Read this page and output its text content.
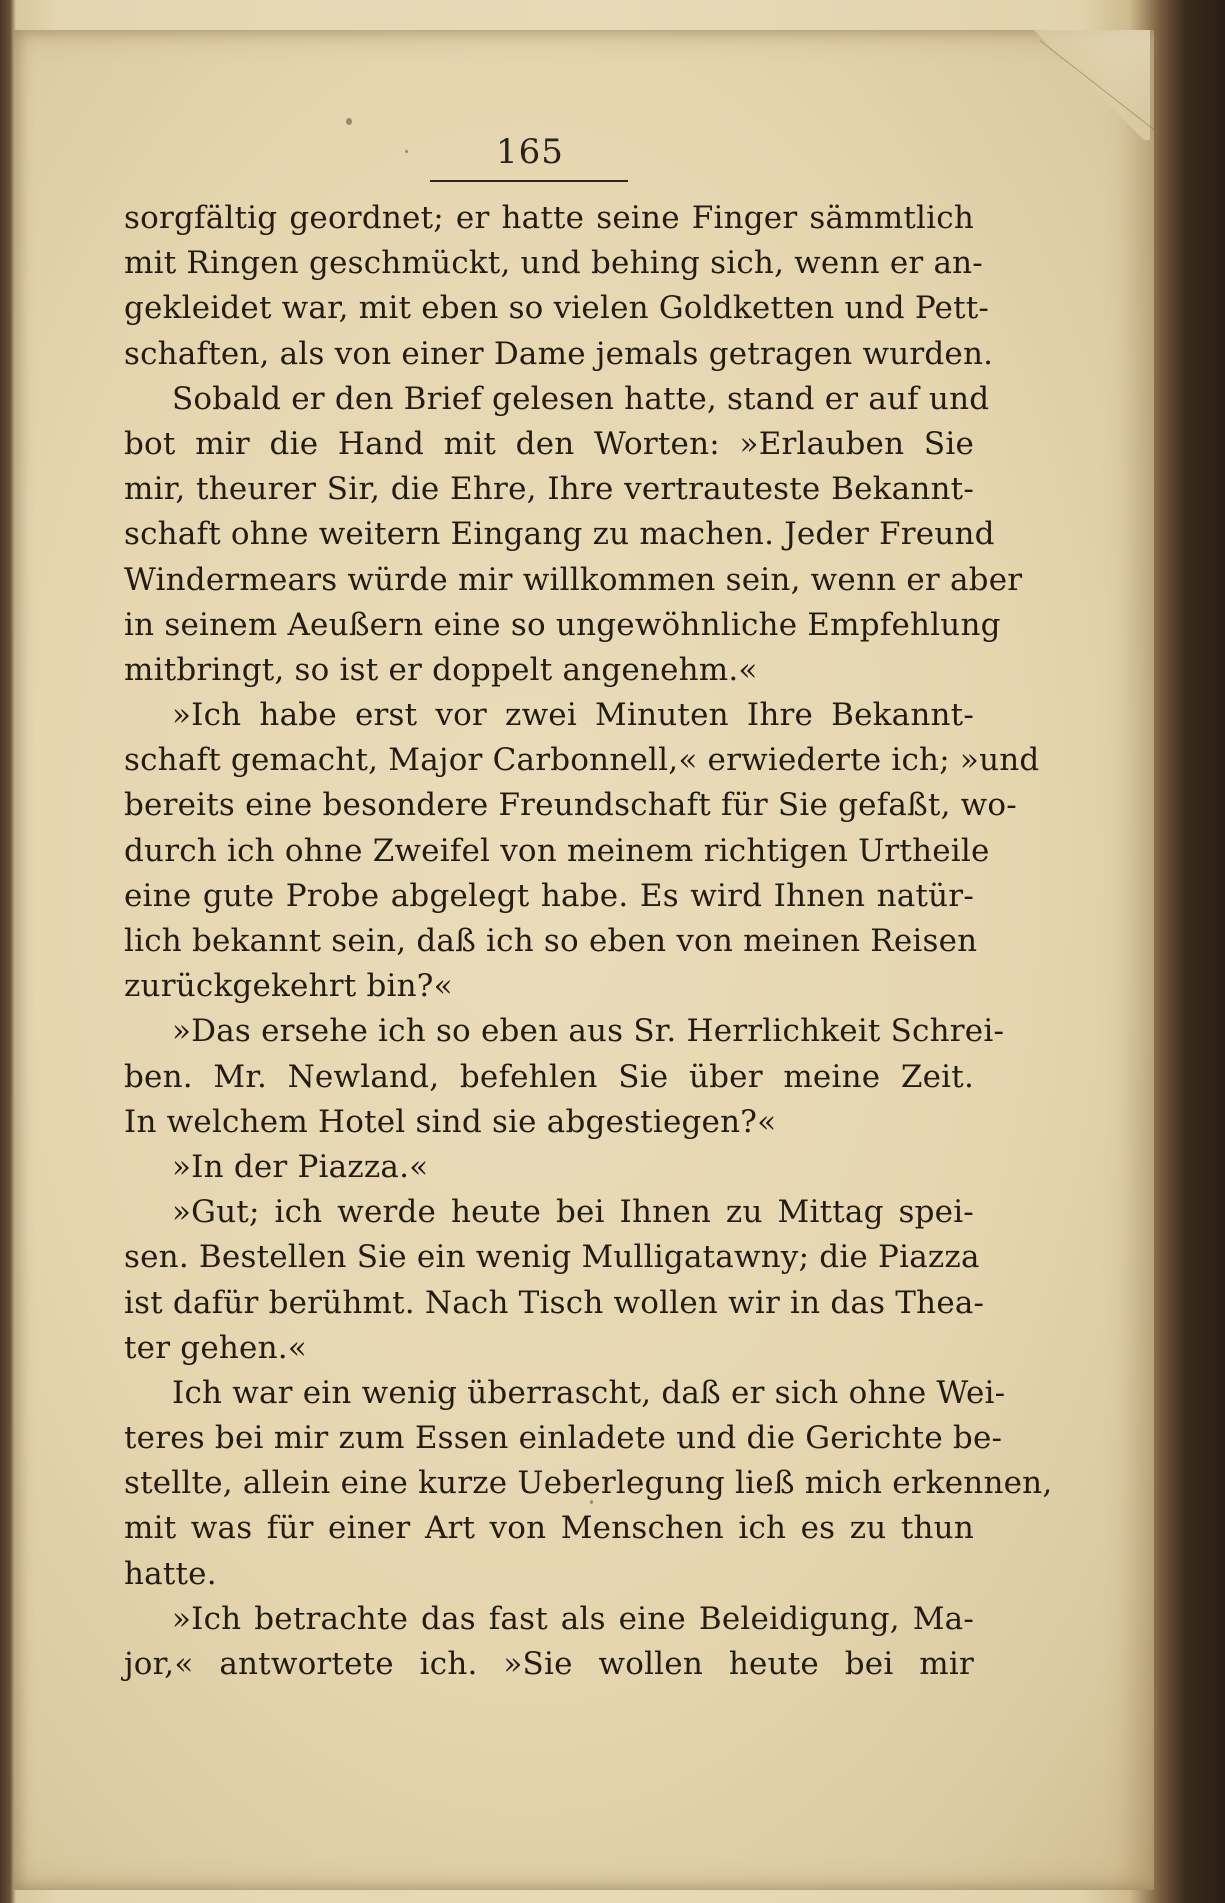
165
sorgfältig geordnet; er hatte seine Finger sämmtlich
mit Ringen geschmückt, und behing sich, wenn er an-
gekleidet war, mit eben so vielen Goldketten und Pett-
schaften, als von einer Dame jemals getragen wurden.
Sobald er den Brief gelesen hatte, stand er auf und
bot mir die Hand mit den Worten: »Erlauben Sie
mir, theurer Sir, die Ehre, Ihre vertrauteste Bekannt-
schaft ohne weitern Eingang zu machen. Jeder Freund
Windermears würde mir willkommen sein, wenn er aber
in seinem Aeußern eine so ungewöhnliche Empfehlung
mitbringt, so ist er doppelt angenehm.«
»Ich habe erst vor zwei Minuten Ihre Bekannt-
schaft gemacht, Major Carbonnell,« erwiederte ich; »und
bereits eine besondere Freundschaft für Sie gefaßt, wo-
durch ich ohne Zweifel von meinem richtigen Urtheile
eine gute Probe abgelegt habe. Es wird Ihnen natür-
lich bekannt sein, daß ich so eben von meinen Reisen
zurückgekehrt bin?«
»Das ersehe ich so eben aus Sr. Herrlichkeit Schrei-
ben. Mr. Newland, befehlen Sie über meine Zeit.
In welchem Hotel sind sie abgestiegen?«
»In der Piazza.«
»Gut; ich werde heute bei Ihnen zu Mittag spei-
sen. Bestellen Sie ein wenig Mulligatawny; die Piazza
ist dafür berühmt. Nach Tisch wollen wir in das Thea-
ter gehen.«
Ich war ein wenig überrascht, daß er sich ohne Wei-
teres bei mir zum Essen einladete und die Gerichte be-
stellte, allein eine kurze Ueberlegung ließ mich erkennen,
mit was für einer Art von Menschen ich es zu thun
hatte.
»Ich betrachte das fast als eine Beleidigung, Ma-
jor,« antwortete ich. »Sie wollen heute bei mir
